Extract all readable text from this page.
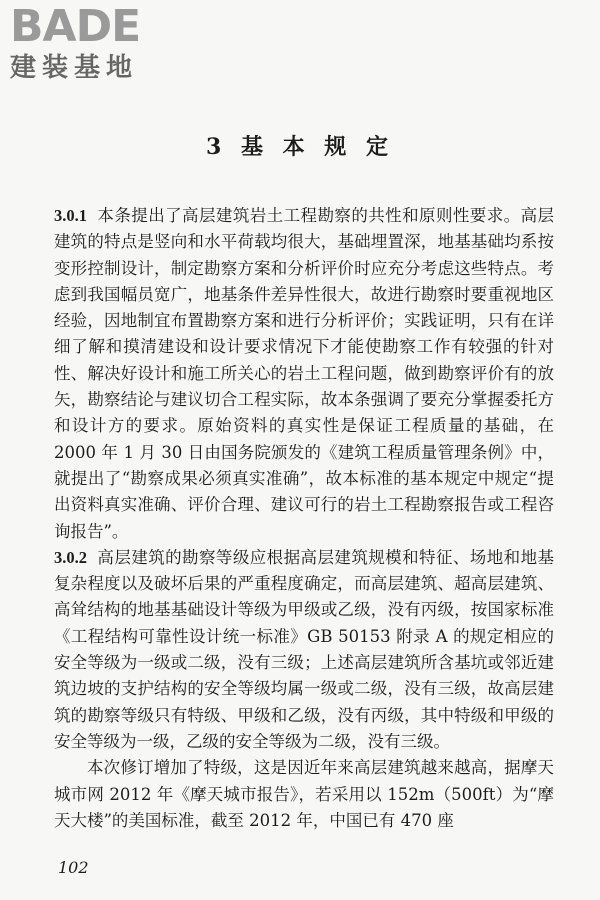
BADE
建装基地
3 基 本 规 定

3.0.1 本条提出了高层建筑岩土工程勘察的共性和原则性要求。高层建筑的特点是竖向和水平荷载均很大，基础埋置深，地基基础均系按变形控制设计，制定勘察方案和分析评价时应充分考虑这些特点。考虑到我国幅员宽广，地基条件差异性很大，故进行勘察时要重视地区经验，因地制宜布置勘察方案和进行分析评价；实践证明，只有在详细了解和摸清建设和设计要求情况下才能使勘察工作有较强的针对性、解决好设计和施工所关心的岩土工程问题，做到勘察评价有的放矢，勘察结论与建议切合工程实际，故本条强调了要充分掌握委托方和设计方的要求。原始资料的真实性是保证工程质量的基础，在 2000 年 1 月 30 日由国务院颁发的《建筑工程质量管理条例》中，就提出了“勘察成果必须真实准确”，故本标准的基本规定中规定“提出资料真实准确、评价合理、建议可行的岩土工程勘察报告或工程咨询报告”。

3.0.2 高层建筑的勘察等级应根据高层建筑规模和特征、场地和地基复杂程度以及破坏后果的严重程度确定，而高层建筑、超高层建筑、高耸结构的地基基础设计等级为甲级或乙级，没有丙级，按国家标准《工程结构可靠性设计统一标准》GB 50153 附录 A 的规定相应的安全等级为一级或二级，没有三级；上述高层建筑所含基坑或邻近建筑边坡的支护结构的安全等级均属一级或二级，没有三级，故高层建筑的勘察等级只有特级、甲级和乙级，没有丙级，其中特级和甲级的安全等级为一级，乙级的安全等级为二级，没有三级。

本次修订增加了特级，这是因近年来高层建筑越来越高，据摩天城市网 2012 年《摩天城市报告》，若采用以 152m（500ft）为“摩天大楼”的美国标准，截至 2012 年，中国已有 470 座

102
